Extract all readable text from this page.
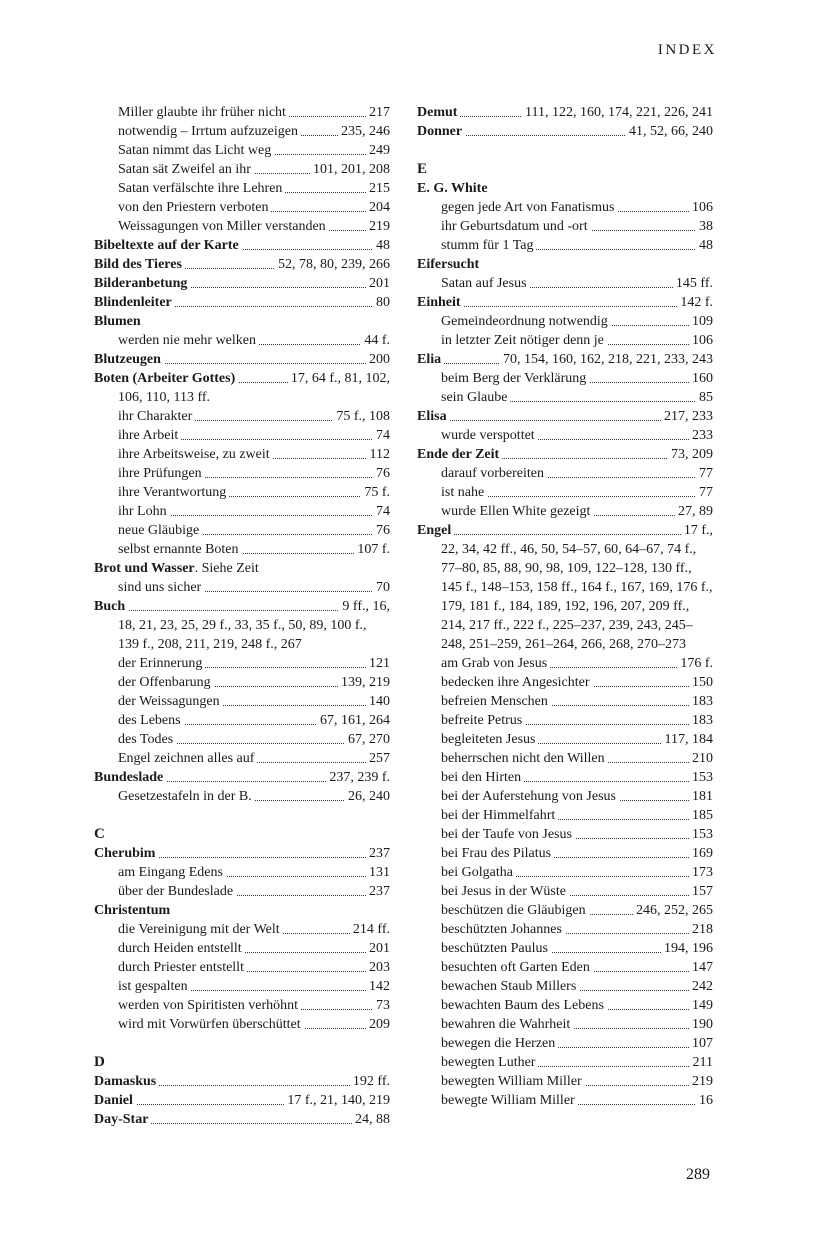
INDEX
Miller glaubte ihr früher nicht	217
notwendig – Irrtum aufzuzeigen	235, 246
Satan nimmt das Licht weg	249
Satan sät Zweifel an ihr	101, 201, 208
Satan verfälschte ihre Lehren	215
von den Priestern verboten	204
Weissagungen von Miller verstanden	219
Bibeltexte auf der Karte	48
Bild des Tieres	52, 78, 80, 239, 266
Bilderanbetung	201
Blindenleiter	80
Blumen
werden nie mehr welken	44 f.
Blutzeugen	200
Boten (Arbeiter Gottes)	17, 64 f., 81, 102,
106, 110, 113 ff.
ihr Charakter	75 f., 108
ihre Arbeit	74
ihre Arbeitsweise, zu zweit	112
ihre Prüfungen	76
ihre Verantwortung	75 f.
ihr Lohn	74
neue Gläubige	76
selbst ernannte Boten	107 f.
Brot und Wasser. Siehe Zeit
sind uns sicher	70
Buch	9 ff., 16,
18, 21, 23, 25, 29 f., 33, 35 f., 50, 89, 100 f., 139 f., 208, 211, 219, 248 f., 267
der Erinnerung	121
der Offenbarung	139, 219
der Weissagungen	140
des Lebens	67, 161, 264
des Todes	67, 270
Engel zeichnen alles auf	257
Bundeslade	237, 239 f.
Gesetzestafeln in der B.	26, 240
C
Cherubim	237
am Eingang Edens	131
über der Bundeslade	237
Christentum
die Vereinigung mit der Welt	214 ff.
durch Heiden entstellt	201
durch Priester entstellt	203
ist gespalten	142
werden von Spiritisten verhöhnt	73
wird mit Vorwürfen überschüttet	209
D
Damaskus	192 ff.
Daniel	17 f., 21, 140, 219
Day-Star	24, 88
Demut	111, 122, 160, 174, 221, 226, 241
Donner	41, 52, 66, 240
E
E. G. White
gegen jede Art von Fanatismus	106
ihr Geburtsdatum und -ort	38
stumm für 1 Tag	48
Eifersucht
Satan auf Jesus	145 ff.
Einheit	142 f.
Gemeindeordnung notwendig	109
in letzter Zeit nötiger denn je	106
Elia	70, 154, 160, 162, 218, 221, 233, 243
beim Berg der Verklärung	160
sein Glaube	85
Elisa	217, 233
wurde verspottet	233
Ende der Zeit	73, 209
darauf vorbereiten	77
ist nahe	77
wurde Ellen White gezeigt	27, 89
Engel	17 f.,
22, 34, 42 ff., 46, 50, 54–57, 60, 64–67, 74 f., 77–80, 85, 88, 90, 98, 109, 122–128, 130 ff., 145 f., 148–153, 158 ff., 164 f., 167, 169, 176 f., 179, 181 f., 184, 189, 192, 196, 207, 209 ff., 214, 217 ff., 222 f., 225–237, 239, 243, 245–248, 251–259, 261–264, 266, 268, 270–273
am Grab von Jesus	176 f.
bedecken ihre Angesichter	150
befreien Menschen	183
befreite Petrus	183
begleiteten Jesus	117, 184
beherrschen nicht den Willen	210
bei den Hirten	153
bei der Auferstehung von Jesus	181
bei der Himmelfahrt	185
bei der Taufe von Jesus	153
bei Frau des Pilatus	169
bei Golgatha	173
bei Jesus in der Wüste	157
beschützen die Gläubigen	246, 252, 265
beschützten Johannes	218
beschützten Paulus	194, 196
besuchten oft Garten Eden	147
bewachen Staub Millers	242
bewachten Baum des Lebens	149
bewahren die Wahrheit	190
bewegen die Herzen	107
bewegten Luther	211
bewegten William Miller	219
bewegte William Miller	16
289
